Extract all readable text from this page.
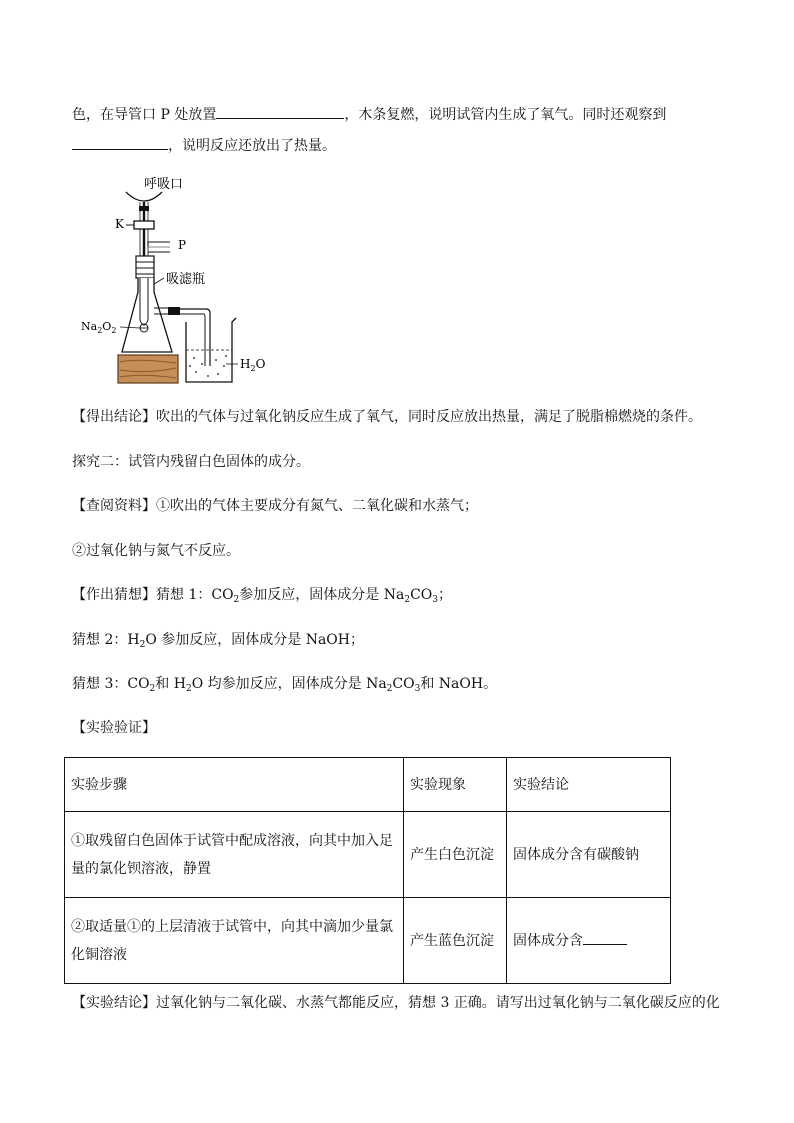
色，在导管口 P 处放置	，木条复燃，说明试管内生成了氧气。同时还观察到
，说明反应还放出了热量。
呼吸口
K
P
吸滤瓶
$Na_2O_2$
$H_2O$
【得出结论】吹出的气体与过氧化钠反应生成了氧气，同时反应放出热量，满足了脱脂棉燃烧的条件。
探究二：试管内残留白色固体的成分。
【查阅资料】①吹出的气体主要成分有氮气、二氧化碳和水蒸气；
②过氧化钠与氮气不反应。
【作出猜想】猜想 1：$CO_2$参加反应，固体成分是 $Na_2CO_3$；
猜想 2：$H_2O$ 参加反应，固体成分是 NaOH；
猜想 3：$CO_2$和 $H_2O$ 均参加反应，固体成分是 $Na_2CO_3$和 NaOH。
【实验验证】
实验步骤	实验现象	实验结论

①取残留白色固体于试管中配成溶液，向其中加入足
量的氯化钡溶液，静置	产生白色沉淀	固体成分含有碳酸钠

②取适量①的上层清液于试管中，向其中滴加少量氯
化铜溶液	产生蓝色沉淀	固体成分含
【实验结论】过氧化钠与二氧化碳、水蒸气都能反应，猜想 3 正确。请写出过氧化钠与二氧化碳反应的化
